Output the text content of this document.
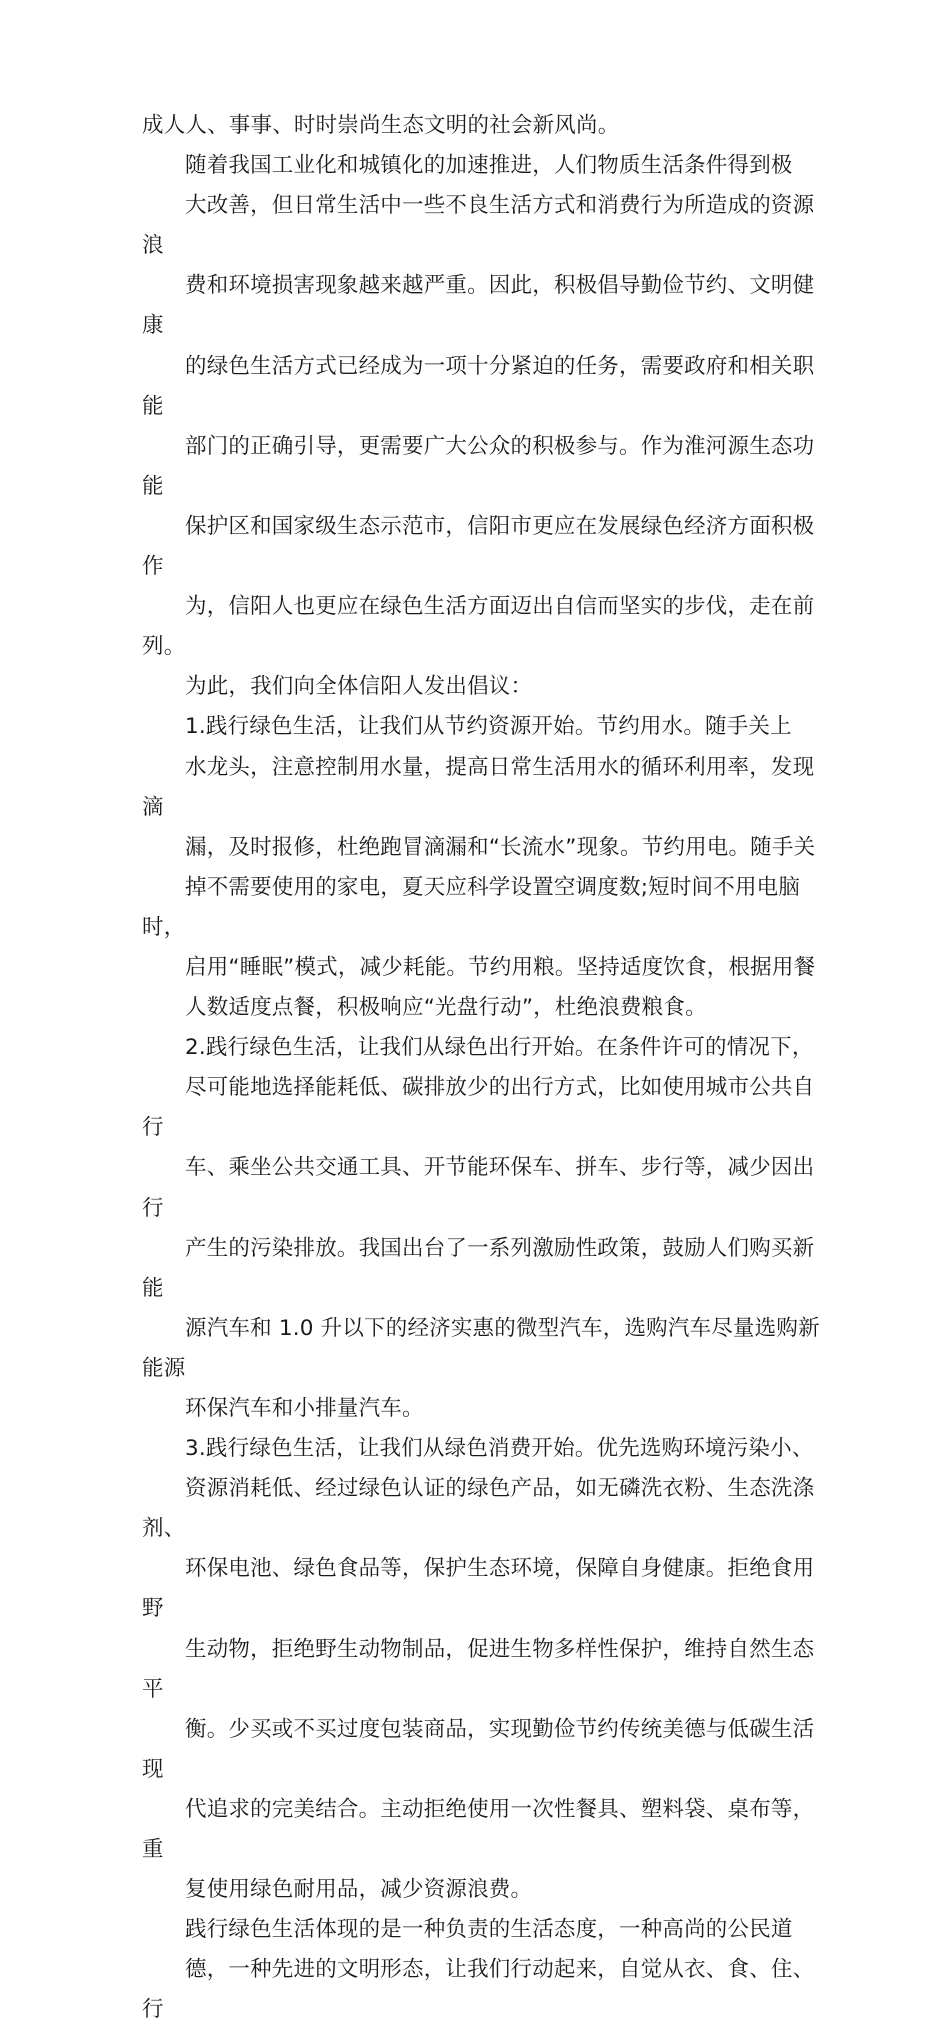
成人人、事事、时时崇尚生态文明的社会新风尚。
随着我国工业化和城镇化的加速推进，人们物质生活条件得到极
大改善，但日常生活中一些不良生活方式和消费行为所造成的资源浪
费和环境损害现象越来越严重。因此，积极倡导勤俭节约、文明健康
的绿色生活方式已经成为一项十分紧迫的任务，需要政府和相关职能
部门的正确引导，更需要广大公众的积极参与。作为淮河源生态功能
保护区和国家级生态示范市，信阳市更应在发展绿色经济方面积极作
为，信阳人也更应在绿色生活方面迈出自信而坚实的步伐，走在前列。
为此，我们向全体信阳人发出倡议：
1.践行绿色生活，让我们从节约资源开始。节约用水。随手关上
水龙头，注意控制用水量，提高日常生活用水的循环利用率，发现滴
漏，及时报修，杜绝跑冒滴漏和“长流水”现象。节约用电。随手关
掉不需要使用的家电，夏天应科学设置空调度数;短时间不用电脑时，
启用“睡眠”模式，减少耗能。节约用粮。坚持适度饮食，根据用餐
人数适度点餐，积极响应“光盘行动”，杜绝浪费粮食。
2.践行绿色生活，让我们从绿色出行开始。在条件许可的情况下，
尽可能地选择能耗低、碳排放少的出行方式，比如使用城市公共自行
车、乘坐公共交通工具、开节能环保车、拼车、步行等，减少因出行
产生的污染排放。我国出台了一系列激励性政策，鼓励人们购买新能
源汽车和 1.0 升以下的经济实惠的微型汽车，选购汽车尽量选购新能源
环保汽车和小排量汽车。
3.践行绿色生活，让我们从绿色消费开始。优先选购环境污染小、
资源消耗低、经过绿色认证的绿色产品，如无磷洗衣粉、生态洗涤剂、
环保电池、绿色食品等，保护生态环境，保障自身健康。拒绝食用野
生动物，拒绝野生动物制品，促进生物多样性保护，维持自然生态平
衡。少买或不买过度包装商品，实现勤俭节约传统美德与低碳生活现
代追求的完美结合。主动拒绝使用一次性餐具、塑料袋、桌布等，重
复使用绿色耐用品，减少资源浪费。
践行绿色生活体现的是一种负责的生活态度，一种高尚的公民道
德，一种先进的文明形态，让我们行动起来，自觉从衣、食、住、行
